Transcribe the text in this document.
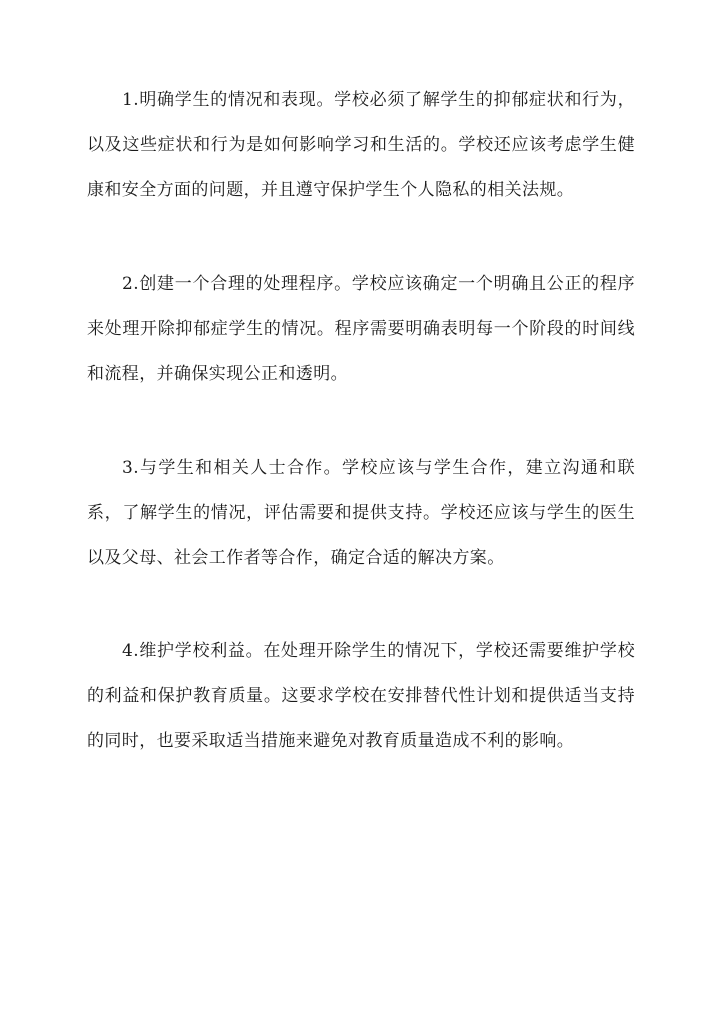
1.明确学生的情况和表现。学校必须了解学生的抑郁症状和行为，以及这些症状和行为是如何影响学习和生活的。学校还应该考虑学生健康和安全方面的问题，并且遵守保护学生个人隐私的相关法规。

2.创建一个合理的处理程序。学校应该确定一个明确且公正的程序来处理开除抑郁症学生的情况。程序需要明确表明每一个阶段的时间线和流程，并确保实现公正和透明。

3.与学生和相关人士合作。学校应该与学生合作，建立沟通和联系，了解学生的情况，评估需要和提供支持。学校还应该与学生的医生以及父母、社会工作者等合作，确定合适的解决方案。

4.维护学校利益。在处理开除学生的情况下，学校还需要维护学校的利益和保护教育质量。这要求学校在安排替代性计划和提供适当支持的同时，也要采取适当措施来避免对教育质量造成不利的影响。
